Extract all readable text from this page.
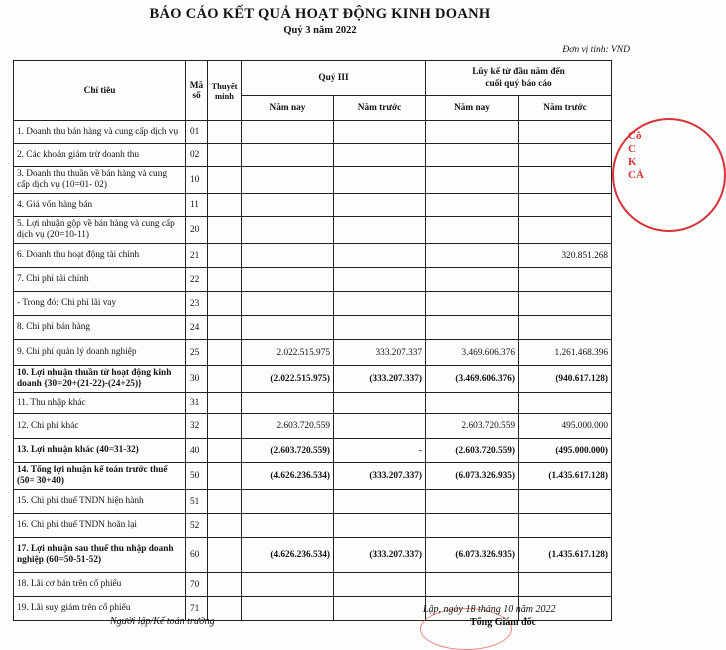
BÁO CÁO KẾT QUẢ HOẠT ĐỘNG KINH DOANH
Quý 3 năm 2022
Đơn vị tính: VND
Chỉ tiêu	Mã số	Thuyết minh	Quý III		Lũy kế từ đầu năm đến cuối quý báo cáo	
			Năm nay	Năm trước	Năm nay	Năm trước
1. Doanh thu bán hàng và cung cấp dịch vụ	01					
2. Các khoản giảm trừ doanh thu	02					
3. Doanh thu thuần về bán hàng và cung cấp dịch vụ (10=01- 02)	10					
4. Giá vốn hàng bán	11					
5. Lợi nhuận gộp về bán hàng và cung cấp dịch vụ (20=10-11)	20					
6. Doanh thu hoạt động tài chính	21					320.851.268
7. Chi phí tài chính	22					
- Trong đó: Chi phí lãi vay	23					
8. Chi phí bán hàng	24					
9. Chi phí quản lý doanh nghiệp	25		2.022.515.975	333.207.337	3.469.606.376	1.261.468.396
10. Lợi nhuận thuần từ hoạt động kinh doanh {30=20+(21-22)-(24+25)}	30		(2.022.515.975)	(333.207.337)	(3.469.606.376)	(940.617.128)
11. Thu nhập khác	31					
12. Chi phí khác	32		2.603.720.559		2.603.720.559	495.000.000
13. Lợi nhuận khác (40=31-32)	40		(2.603.720.559)	-	(2.603.720.559)	(495.000.000)
14. Tổng lợi nhuận kế toán trước thuế (50= 30+40)	50		(4.626.236.534)	(333.207.337)	(6.073.326.935)	(1.435.617.128)
15. Chi phí thuế TNDN hiện hành	51					
16. Chi phí thuế TNDN hoãn lại	52					
17. Lợi nhuận sau thuế thu nhập doanh nghiệp (60=50-51-52)	60		(4.626.236.534)	(333.207.337)	(6.073.326.935)	(1.435.617.128)
18. Lãi cơ bản trên cổ phiếu	70					
19. Lãi suy giảm trên cổ phiếu	71					
Cô
C
K
CẢ
Lập, ngày 18 tháng 10 năm 2022
Người lập/Kế toán trưởng	Tổng Giám đốc
